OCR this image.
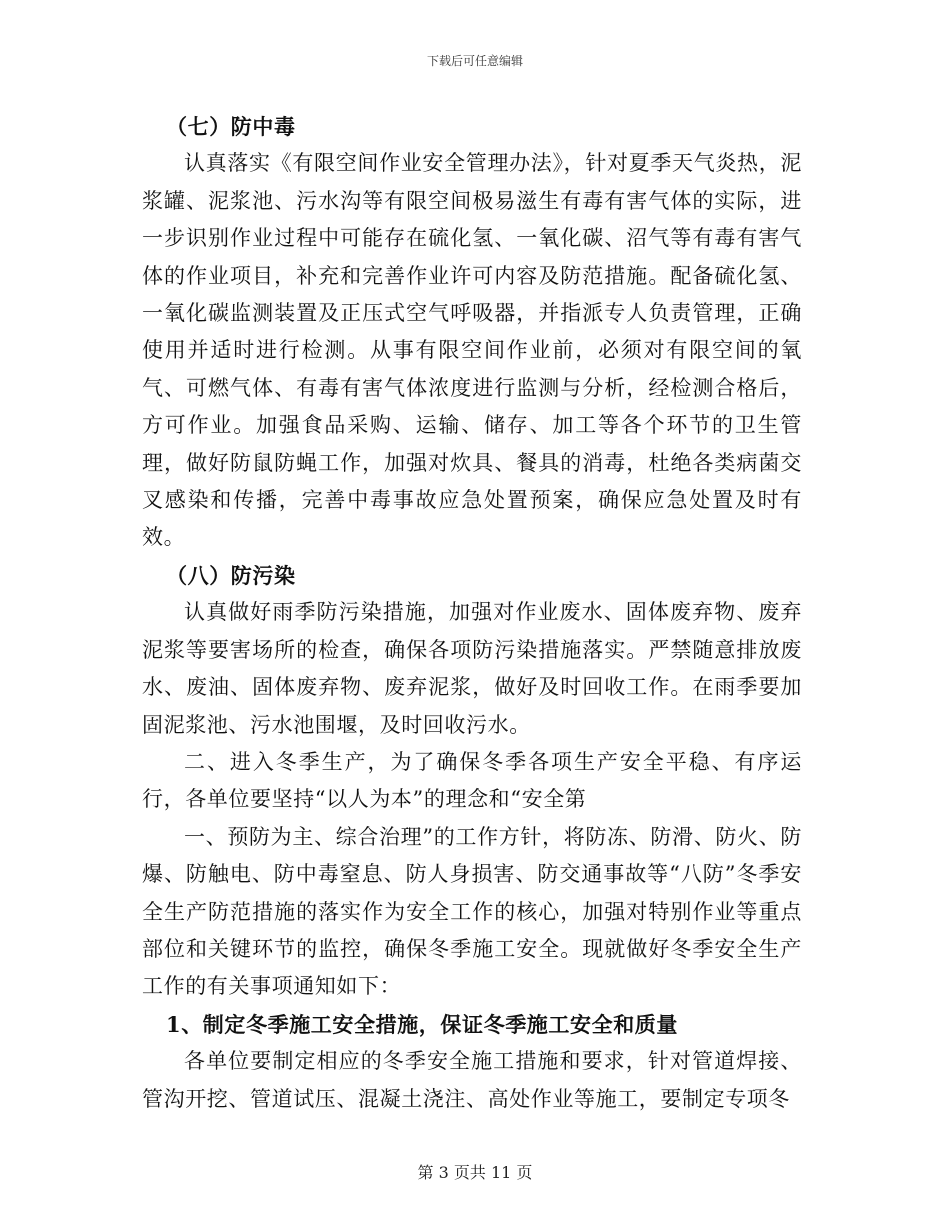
下载后可任意编辑

（七）防中毒

认真落实《有限空间作业安全管理办法》，针对夏季天气炎热，泥浆罐、泥浆池、污水沟等有限空间极易滋生有毒有害气体的实际，进一步识别作业过程中可能存在硫化氢、一氧化碳、沼气等有毒有害气体的作业项目，补充和完善作业许可内容及防范措施。配备硫化氢、一氧化碳监测装置及正压式空气呼吸器，并指派专人负责管理，正确使用并适时进行检测。从事有限空间作业前，必须对有限空间的氧气、可燃气体、有毒有害气体浓度进行监测与分析，经检测合格后，方可作业。加强食品采购、运输、储存、加工等各个环节的卫生管理，做好防鼠防蝇工作，加强对炊具、餐具的消毒，杜绝各类病菌交叉感染和传播，完善中毒事故应急处置预案，确保应急处置及时有效。

（八）防污染

认真做好雨季防污染措施，加强对作业废水、固体废弃物、废弃泥浆等要害场所的检查，确保各项防污染措施落实。严禁随意排放废水、废油、固体废弃物、废弃泥浆，做好及时回收工作。在雨季要加固泥浆池、污水池围堰，及时回收污水。

二、进入冬季生产，为了确保冬季各项生产安全平稳、有序运行，各单位要坚持“以人为本”的理念和“安全第

一、预防为主、综合治理”的工作方针，将防冻、防滑、防火、防爆、防触电、防中毒窒息、防人身损害、防交通事故等“八防”冬季安全生产防范措施的落实作为安全工作的核心，加强对特别作业等重点部位和关键环节的监控，确保冬季施工安全。现就做好冬季安全生产工作的有关事项通知如下：

1、制定冬季施工安全措施，保证冬季施工安全和质量

各单位要制定相应的冬季安全施工措施和要求，针对管道焊接、管沟开挖、管道试压、混凝土浇注、高处作业等施工，要制定专项冬

第 3 页共 11 页
